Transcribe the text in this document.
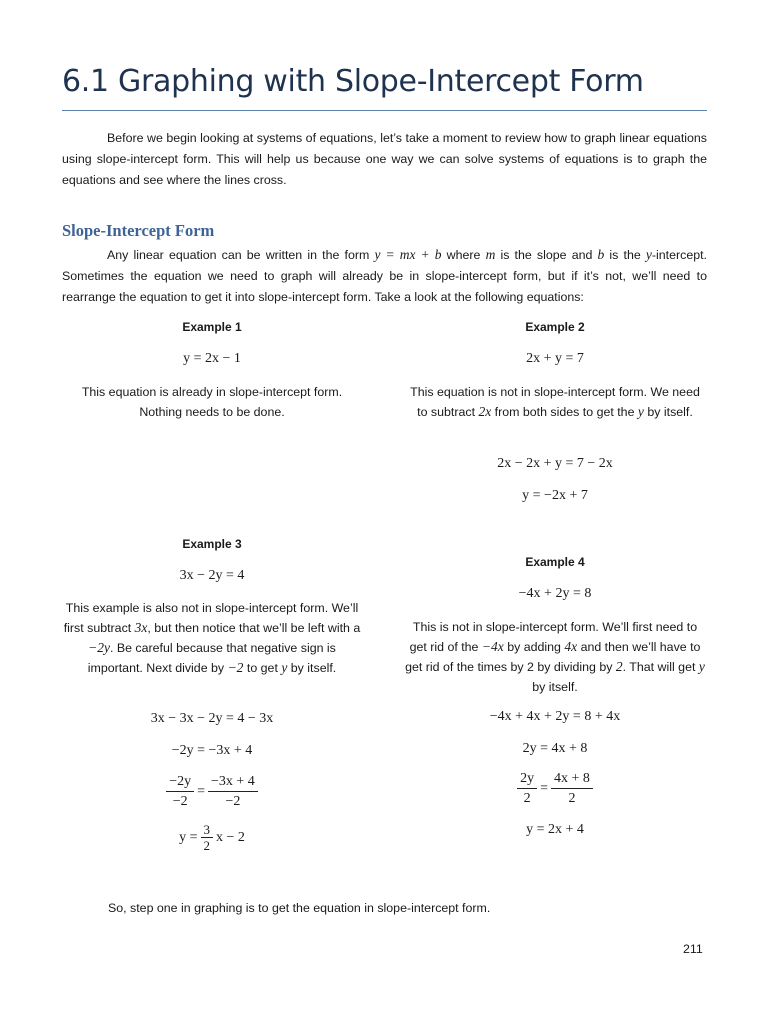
6.1 Graphing with Slope-Intercept Form

Before we begin looking at systems of equations, let’s take a moment to review how to graph linear equations using slope-intercept form. This will help us because one way we can solve systems of equations is to graph the equations and see where the lines cross.

Slope-Intercept Form

Any linear equation can be written in the form y = mx + b where m is the slope and b is the y-intercept. Sometimes the equation we need to graph will already be in slope-intercept form, but if it’s not, we’ll need to rearrange the equation to get it into slope-intercept form. Take a look at the following equations:

Example 1

y = 2x − 1

This equation is already in slope-intercept form. Nothing needs to be done.

Example 2

2x + y = 7

This equation is not in slope-intercept form. We need to subtract 2x from both sides to get the y by itself.

2x − 2x + y = 7 − 2x
y = −2x + 7

Example 3

3x − 2y = 4

This example is also not in slope-intercept form. We’ll first subtract 3x, but then notice that we’ll be left with a −2y. Be careful because that negative sign is important. Next divide by −2 to get y by itself.

3x − 3x − 2y = 4 − 3x
−2y = −3x + 4
$\frac{-2y}{-2} = \frac{-3x + 4}{-2}$
$y = \frac{3}{2}$ x − 2

Example 4

−4x + 2y = 8

This is not in slope-intercept form. We’ll first need to get rid of the −4x by adding 4x and then we’ll have to get rid of the times by 2 by dividing by 2. That will get y by itself.

−4x + 4x + 2y = 8 + 4x
2y = 4x + 8
$\frac{2y}{2} = \frac{4x + 8}{2}$
y = 2x + 4

So, step one in graphing is to get the equation in slope-intercept form.

211
